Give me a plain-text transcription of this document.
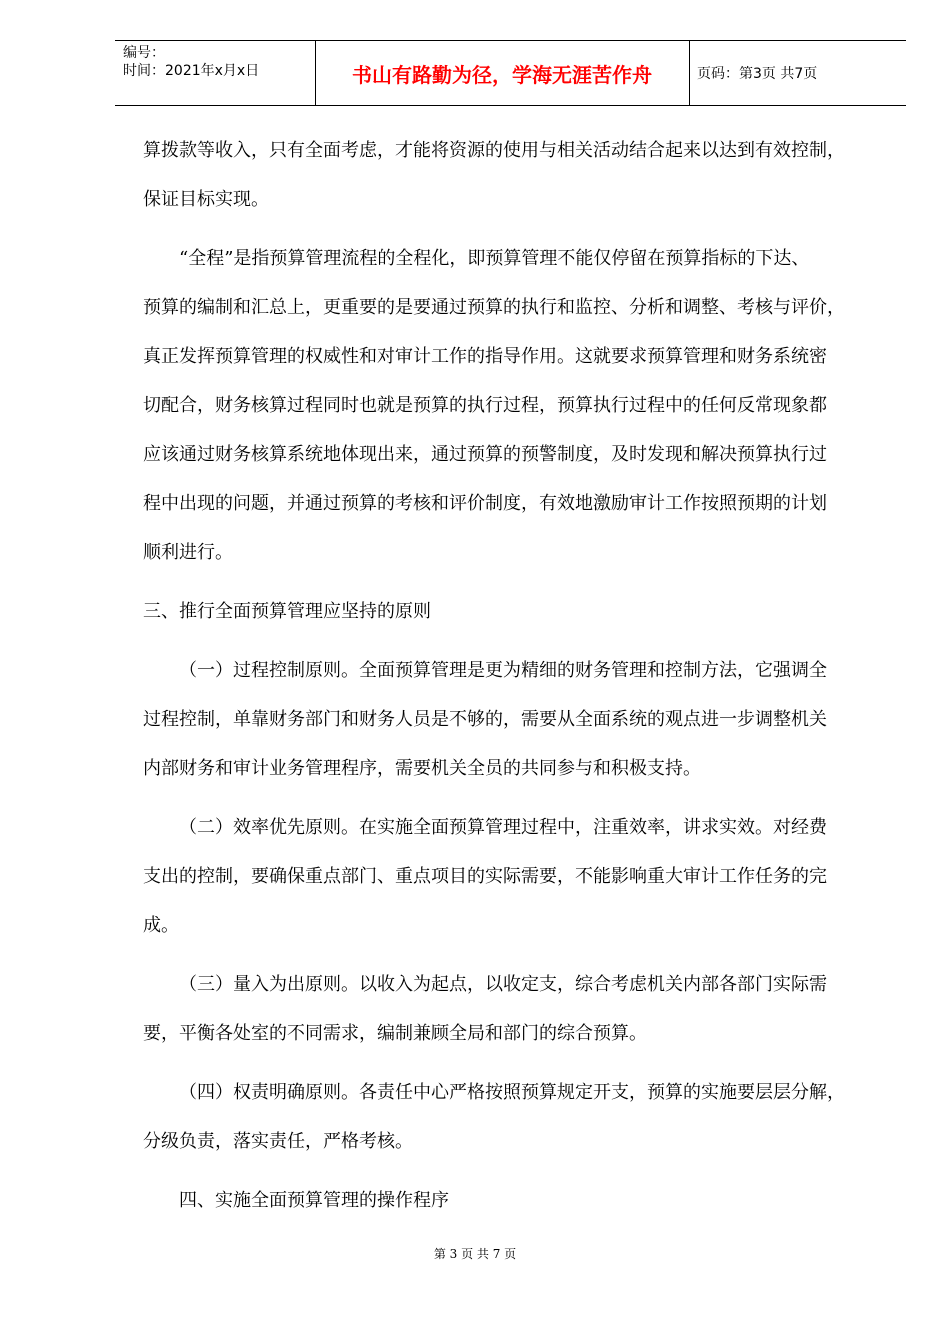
编号：
时间：2021年x月x日	书山有路勤为径，学海无涯苦作舟	页码：第3页 共7页
算拨款等收入，只有全面考虑，才能将资源的使用与相关活动结合起来以达到有效控制，
保证目标实现。
“全程”是指预算管理流程的全程化，即预算管理不能仅停留在预算指标的下达、
预算的编制和汇总上，更重要的是要通过预算的执行和监控、分析和调整、考核与评价，
真正发挥预算管理的权威性和对审计工作的指导作用。这就要求预算管理和财务系统密
切配合，财务核算过程同时也就是预算的执行过程，预算执行过程中的任何反常现象都
应该通过财务核算系统地体现出来，通过预算的预警制度，及时发现和解决预算执行过
程中出现的问题，并通过预算的考核和评价制度，有效地激励审计工作按照预期的计划
顺利进行。
三、推行全面预算管理应坚持的原则
（一）过程控制原则。全面预算管理是更为精细的财务管理和控制方法，它强调全
过程控制，单靠财务部门和财务人员是不够的，需要从全面系统的观点进一步调整机关
内部财务和审计业务管理程序，需要机关全员的共同参与和积极支持。
（二）效率优先原则。在实施全面预算管理过程中，注重效率，讲求实效。对经费
支出的控制，要确保重点部门、重点项目的实际需要，不能影响重大审计工作任务的完
成。
（三）量入为出原则。以收入为起点，以收定支，综合考虑机关内部各部门实际需
要，平衡各处室的不同需求，编制兼顾全局和部门的综合预算。
（四）权责明确原则。各责任中心严格按照预算规定开支，预算的实施要层层分解，
分级负责，落实责任，严格考核。
四、实施全面预算管理的操作程序
第 3 页 共 7 页
